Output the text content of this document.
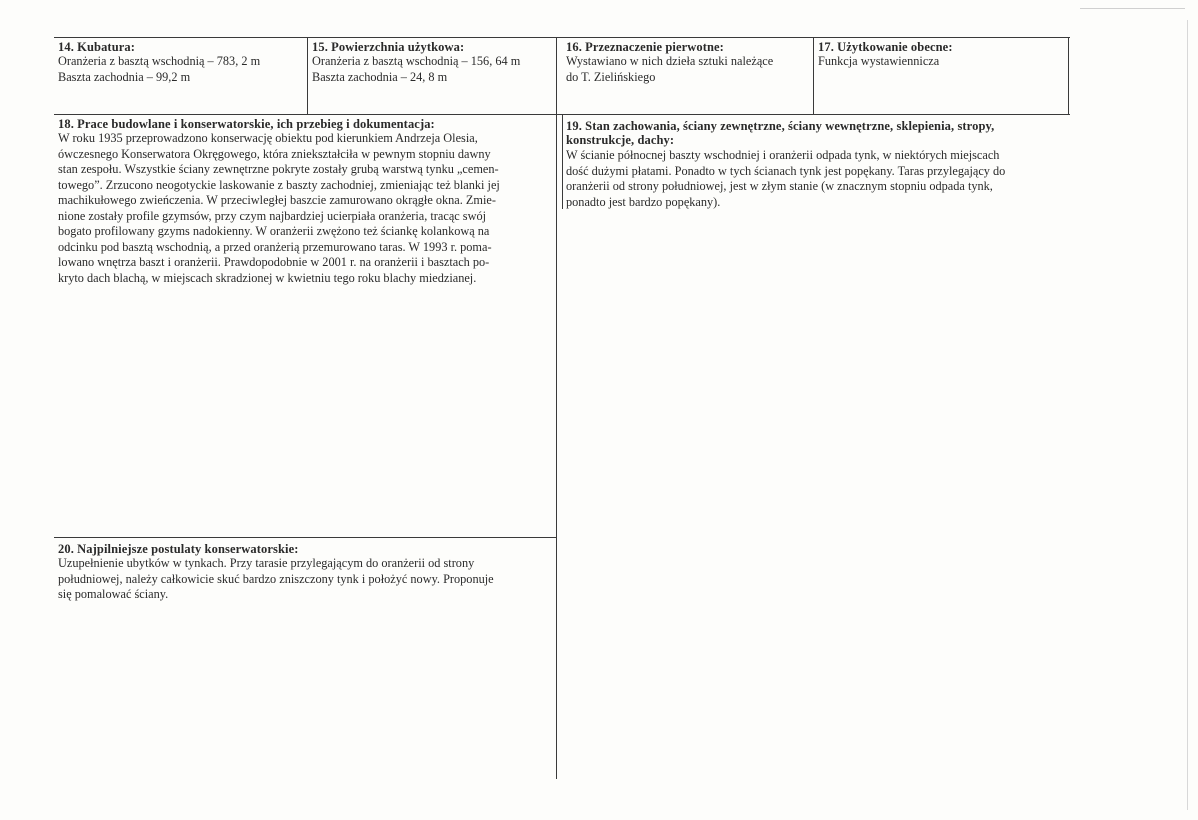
14. Kubatura:

Oranżeria z basztą wschodnią – 783, 2 m

Baszta zachodnia – 99,2 m

15. Powierzchnia użytkowa:

Oranżeria z basztą wschodnią – 156, 64 m

Baszta zachodnia – 24, 8 m

16. Przeznaczenie pierwotne:

Wystawiano w nich dzieła sztuki należące

do T. Zielińskiego

17. Użytkowanie obecne:

Funkcja wystawiennicza

18. Prace budowlane i konserwatorskie, ich przebieg i dokumentacja:

W roku 1935 przeprowadzono konserwację obiektu pod kierunkiem Andrzeja Olesia,

ówczesnego Konserwatora Okręgowego, która zniekształciła w pewnym stopniu dawny

stan zespołu. Wszystkie ściany zewnętrzne pokryte zostały grubą warstwą tynku „cemen-

towego”. Zrzucono neogotyckie laskowanie z baszty zachodniej, zmieniając też blanki jej

machikułowego zwieńczenia. W przeciwległej baszcie zamurowano okrągłe okna. Zmie-

nione zostały profile gzymsów, przy czym najbardziej ucierpiała oranżeria, tracąc swój

bogato profilowany gzyms nadokienny. W oranżerii zwężono też ściankę kolankową na

odcinku pod basztą wschodnią, a przed oranżerią przemurowano taras. W 1993 r. poma-

lowano wnętrza baszt i oranżerii. Prawdopodobnie w 2001 r. na oranżerii i basztach po-

kryto dach blachą, w miejscach skradzionej w kwietniu tego roku blachy miedzianej.

19. Stan zachowania, ściany zewnętrzne, ściany wewnętrzne, sklepienia, stropy,
konstrukcje, dachy:

W ścianie północnej baszty wschodniej i oranżerii odpada tynk, w niektórych miejscach

dość dużymi płatami. Ponadto w tych ścianach tynk jest popękany. Taras przylegający do

oranżerii od strony południowej, jest w złym stanie (w znacznym stopniu odpada tynk,

ponadto jest bardzo popękany).

20. Najpilniejsze postulaty konserwatorskie:

Uzupełnienie ubytków w tynkach. Przy tarasie przylegającym do oranżerii od strony

południowej, należy całkowicie skuć bardzo zniszczony tynk i położyć nowy. Proponuje

się pomalować ściany.
